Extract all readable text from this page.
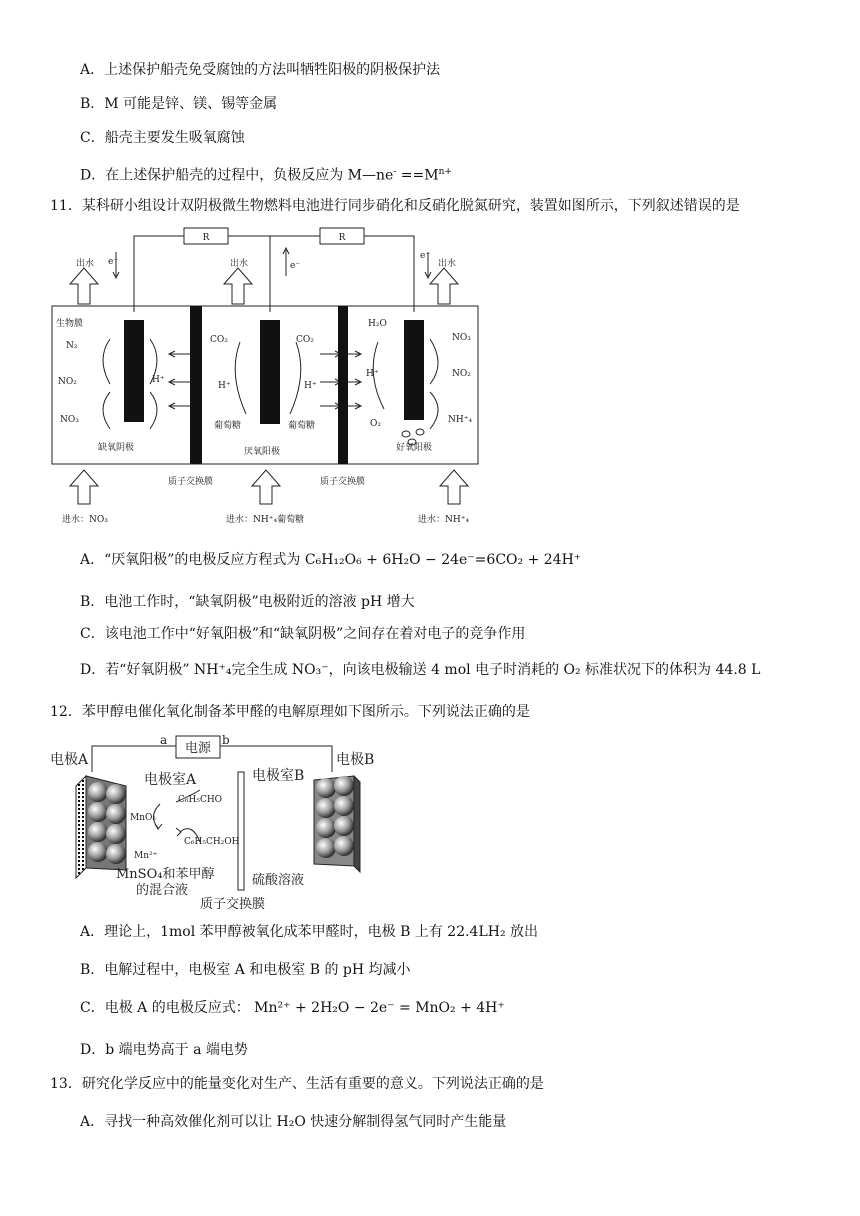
A．上述保护船壳免受腐蚀的方法叫牺牲阳极的阴极保护法
B．M 可能是锌、镁、锡等金属
C．船壳主要发生吸氧腐蚀
D．在上述保护船壳的过程中，负极反应为 M—ne- $==M^{n+}$
11．某科研小组设计双阴极微生物燃料电池进行同步硝化和反硝化脱氮研究，装置如图所示，下列叙述错误的是
R	R
出水	出水	出水
e⁻	e⁻
e⁻
生物膜
N₂
NO₂
NO₃
H⁺
CO₂	CO₂
H⁺	H⁺
葡萄糖	葡萄糖
H₂O
H⁺
O₂
NO₃
NO₂
NH⁺₄
缺氧阴极	厌氧阳极	好氧阳极
质子交换膜	质子交换膜
进水：NO₃	进水：NH⁺₄葡萄糖	进水：NH⁺₄
A．“厌氧阳极”的电极反应方程式为 C₆H₁₂O₆ + 6H₂O − 24e⁻=6CO₂ + 24H⁺
B．电池工作时，“缺氧阴极”电极附近的溶液 pH 增大
C．该电池工作中“好氧阳极”和“缺氧阴极”之间存在着对电子的竞争作用
D．若“好氧阴极” NH⁺₄完全生成 NO₃⁻，向该电极输送 4 mol 电子时消耗的 O₂ 标准状况下的体积为 44.8 L
12．苯甲醇电催化氧化制备苯甲醛的电解原理如下图所示。下列说法正确的是
a	b
电源
电极A	电极B
电极室A	电极室B
MnO₂
Mn²⁺
C₆H₅CHO
C₆H₅CH₂OH
MnSO₄和苯甲醇
的混合液
硫酸溶液
质子交换膜
A．理论上，1mol 苯甲醇被氧化成苯甲醛时，电极 B 上有 22.4LH₂ 放出
B．电解过程中，电极室 A 和电极室 B 的 pH 均减小
C．电极 A 的电极反应式： Mn²⁺ + 2H₂O − 2e⁻ = MnO₂ + 4H⁺
D．b 端电势高于 a 端电势
13．研究化学反应中的能量变化对生产、生活有重要的意义。下列说法正确的是
A．寻找一种高效催化剂可以让 H₂O 快速分解制得氢气同时产生能量
